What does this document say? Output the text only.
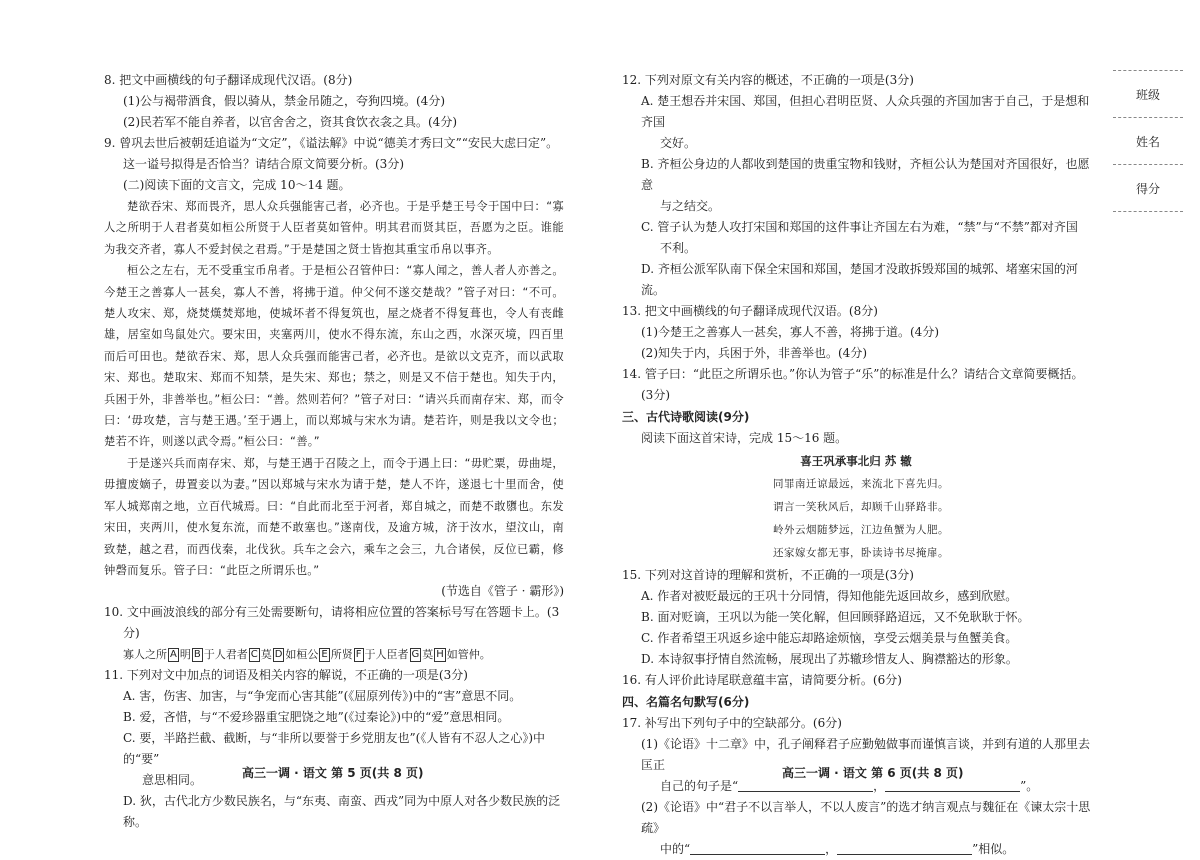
8. 把文中画横线的句子翻译成现代汉语。(8分)

(1)公与褐带酒食，假以骑从，禁金吊随之，夸狗四境。(4分)

(2)民若军不能自养者，以官舍舍之，资其食饮衣衾之具。(4分)

9. 曾巩去世后被朝廷追谥为“文定”，《谥法解》中说“德美才秀曰文”“安民大虑曰定”。这一谥号拟得是否恰当？请结合原文简要分析。(3分)

(二)阅读下面的文言文，完成 10～14 题。

楚欲吞宋、郑而畏齐，思人众兵强能害己者，必齐也。于是乎楚王号令于国中曰：“寡人之所明于人君者莫如桓公所贤于人臣者莫如管仲。明其君而贤其臣，吾愿为之臣。谁能为我交齐者，寡人不爱封侯之君焉。”于是楚国之贤士皆抱其重宝币帛以事齐。

桓公之左右，无不受重宝币帛者。于是桓公召管仲曰：“寡人闻之，善人者人亦善之。今楚王之善寡人一甚矣，寡人不善，将拂于道。仲父何不遂交楚哉？”管子对曰：“不可。楚人攻宋、郑，烧焚熯焚郑地，使城坏者不得复筑也，屋之烧者不得复葺也，令人有丧雌雄，居室如鸟鼠处穴。要宋田，夹塞两川，使水不得东流，东山之西，水深灭境，四百里而后可田也。楚欲吞宋、郑，思人众兵强而能害己者，必齐也。是欲以文克齐，而以武取宋、郑也。楚取宋、郑而不知禁，是失宋、郑也；禁之，则是又不信于楚也。知失于内，兵困于外，非善举也。”桓公曰：“善。然则若何？”管子对曰：“请兴兵而南存宋、郑，而令曰：‘毋攻楚，言与楚王遇。’至于遇上，而以郑城与宋水为请。楚若许，则是我以文令也；楚若不许，则遂以武令焉。”桓公曰：“善。”

于是遂兴兵而南存宋、郑，与楚王遇于召陵之上，而令于遇上曰：“毋贮粟，毋曲堤，毋擅废嫡子，毋置妾以为妻。”因以郑城与宋水为请于楚，楚人不许，遂退七十里而舍，使军人城郑南之地，立百代城焉。曰：“自此而北至于河者，郑自城之，而楚不敢隳也。东发宋田，夹两川，使水复东流，而楚不敢塞也。”遂南伐，及逾方城，济于汝水，望汶山，南致楚，越之君，而西伐秦，北伐狄。兵车之会六，乘车之会三，九合诸侯，反位已霸，修钟磬而复乐。管子曰：“此臣之所谓乐也。”

(节选自《管子 · 霸形》)

10. 文中画波浪线的部分有三处需要断句，请将相应位置的答案标号写在答题卡上。(3分)

寡人之所 A 明 B 于人君者 C 莫 D 如桓公 E 所贤 F 于人臣者 G 莫 H 如管仲。

11. 下列对文中加点的词语及相关内容的解说，不正确的一项是(3分)

A. 害，伤害、加害，与“争宠而心害其能”(《屈原列传》)中的“害”意思不同。

B. 爱，吝惜，与“不爱珍器重宝肥饶之地”(《过秦论》)中的“爱”意思相同。

C. 要，半路拦截、截断，与“非所以要誉于乡党朋友也”(《人皆有不忍人之心》)中的“要”

意思相同。

D. 狄，古代北方少数民族名，与“东夷、南蛮、西戎”同为中原人对各少数民族的泛称。

高三一调 · 语文 第 5 页(共 8 页)

12. 下列对原文有关内容的概述，不正确的一项是(3分)

A. 楚王想吞并宋国、郑国，但担心君明臣贤、人众兵强的齐国加害于自己，于是想和齐国

交好。

B. 齐桓公身边的人都收到楚国的贵重宝物和钱财，齐桓公认为楚国对齐国很好，也愿意

与之结交。

C. 管子认为楚人攻打宋国和郑国的这件事让齐国左右为难，“禁”与“不禁”都对齐国

不利。

D. 齐桓公派军队南下保全宋国和郑国，楚国才没敢拆毁郑国的城郭、堵塞宋国的河流。

13. 把文中画横线的句子翻译成现代汉语。(8分)

(1)今楚王之善寡人一甚矣，寡人不善，将拂于道。(4分)

(2)知失于内，兵困于外，非善举也。(4分)

14. 管子曰：“此臣之所谓乐也。”你认为管子“乐”的标准是什么？请结合文章简要概括。

(3分)

三、古代诗歌阅读(9分)

阅读下面这首宋诗，完成 15～16 题。

喜王巩承事北归 苏 辙
同罪南迁谅最远，来流北下喜先归。
谓言一笑秋风后，却顾千山驿路非。
岭外云烟随梦远，江边鱼蟹为人肥。
还家嫁女都无事，卧读诗书尽掩扉。

15. 下列对这首诗的理解和赏析，不正确的一项是(3分)

A. 作者对被贬最远的王巩十分同情，得知他能先返回故乡，感到欣慰。

B. 面对贬谪，王巩以为能一笑化解，但回顾驿路迢远，又不免耿耿于怀。

C. 作者希望王巩返乡途中能忘却路途烦恼，享受云烟美景与鱼蟹美食。

D. 本诗叙事抒情自然流畅，展现出了苏辙珍惜友人、胸襟豁达的形象。

16. 有人评价此诗尾联意蕴丰富，请简要分析。(6分)

四、名篇名句默写(6分)

17. 补写出下列句子中的空缺部分。(6分)

(1)《论语》十二章》中，孔子阐释君子应勤勉做事而谨慎言谈，并到有道的人那里去匡正

自己的句子是“	，	”。

(2)《论语》中“君子不以言举人，不以人废言”的选才纳言观点与魏征在《谏太宗十思疏》

中的“	，	”相似。

高三一调 · 语文 第 6 页(共 8 页)
班级
姓名
得分
